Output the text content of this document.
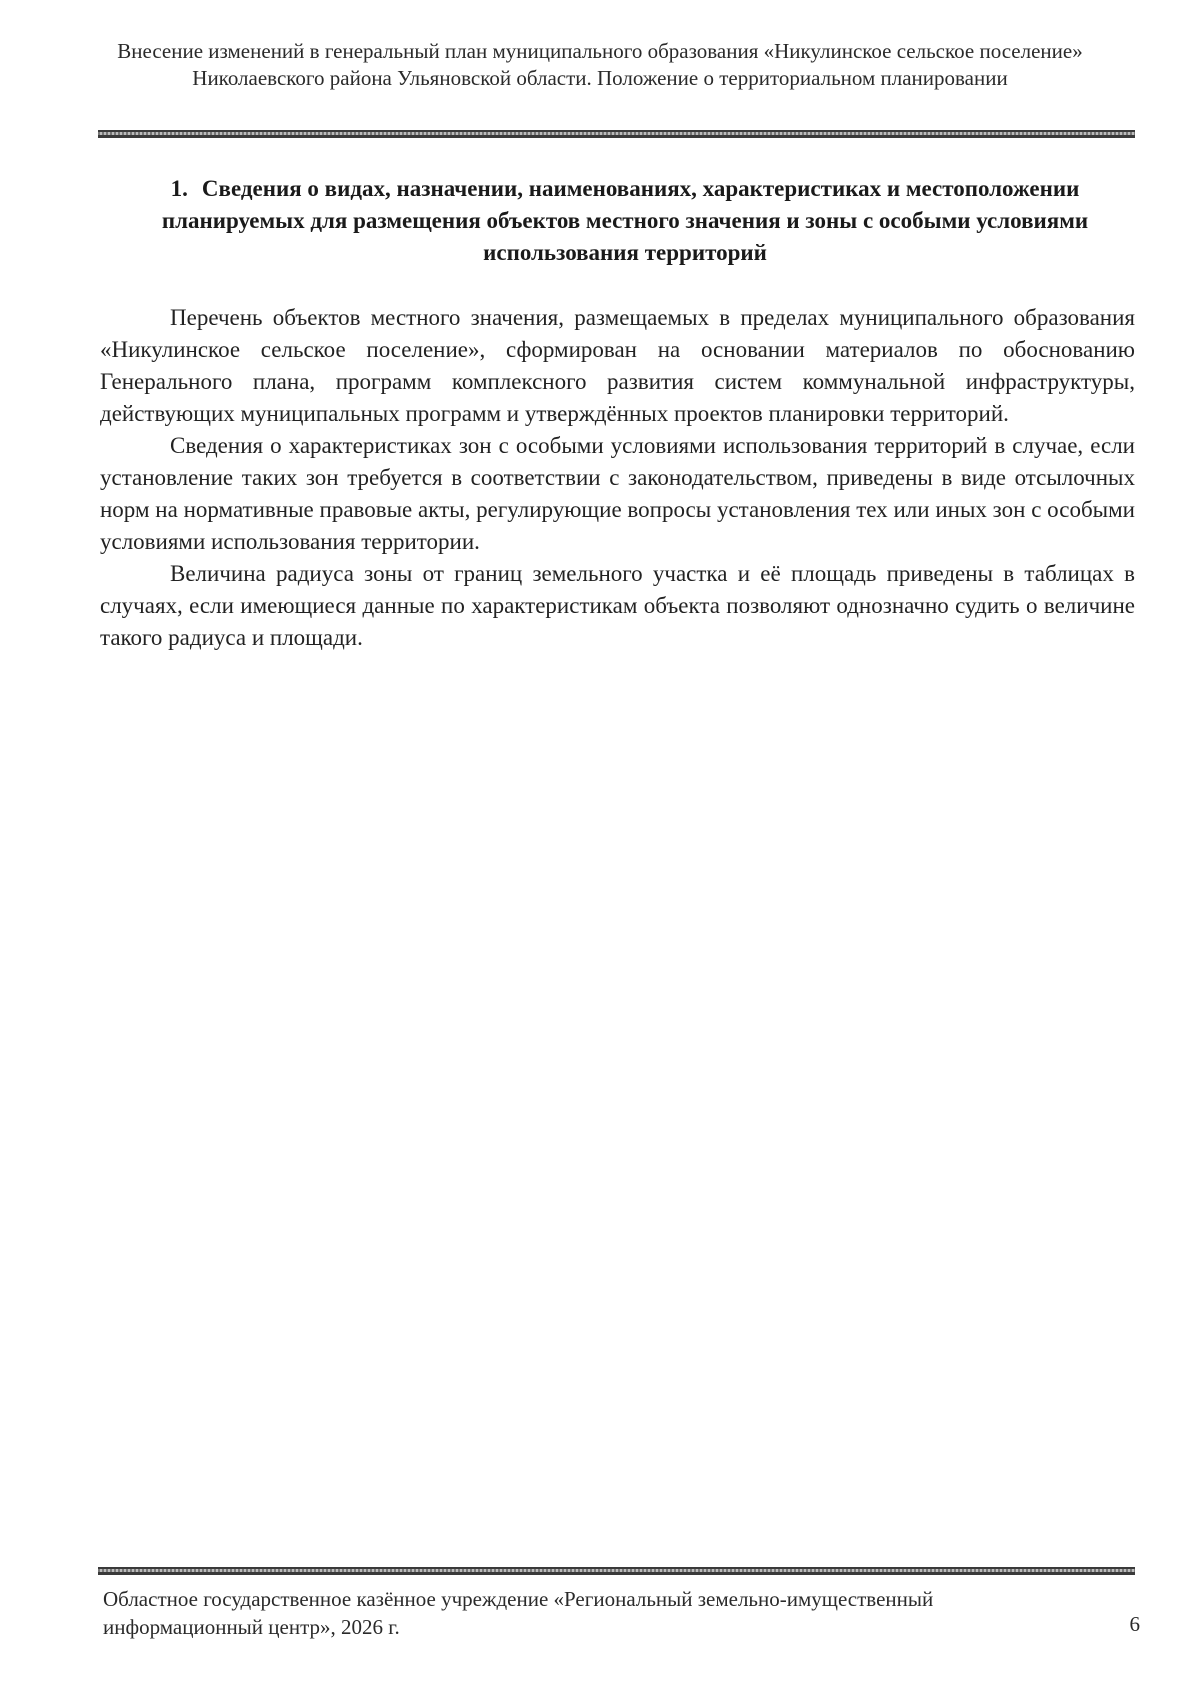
Внесение изменений в генеральный план муниципального образования «Никулинское сельское поселение» Николаевского района Ульяновской области. Положение о территориальном планировании
1. Сведения о видах, назначении, наименованиях, характеристиках и местоположении планируемых для размещения объектов местного значения и зоны с особыми условиями использования территорий

Перечень объектов местного значения, размещаемых в пределах муниципального образования «Никулинское сельское поселение», сформирован на основании материалов по обоснованию Генерального плана, программ комплексного развития систем коммунальной инфраструктуры, действующих муниципальных программ и утверждённых проектов планировки территорий.

Сведения о характеристиках зон с особыми условиями использования территорий в случае, если установление таких зон требуется в соответствии с законодательством, приведены в виде отсылочных норм на нормативные правовые акты, регулирующие вопросы установления тех или иных зон с особыми условиями использования территории.

Величина радиуса зоны от границ земельного участка и её площадь приведены в таблицах в случаях, если имеющиеся данные по характеристикам объекта позволяют однозначно судить о величине такого радиуса и площади.

Областное государственное казённое учреждение «Региональный земельно-имущественный информационный центр», 2026 г.	6
